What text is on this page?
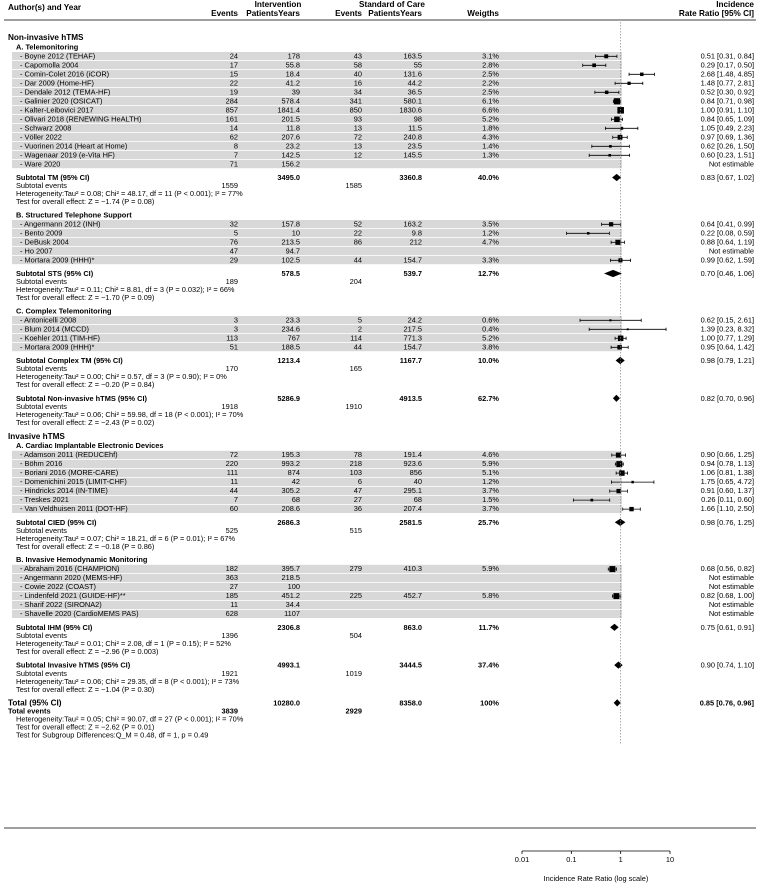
Author(s) and Year	Intervention	Standard of Care
Events PatientsYears	Events PatientsYears	Weigths
Incidence
Rate Ratio [95% CI]
Non-invasive hTMS
A. Telemonitoring
- Boyne 2012 (TEHAF)	24	178	43	163.5	3.1%	0.51 [0.31, 0.84]
- Capomolla 2004	17	55.8	58	55	2.8%	0.29 [0.17, 0.50]
- Comin-Colet 2016 (iCOR)	15	18.4	40	131.6	2.5%	2.68 [1.48, 4.85]
- Dar 2009 (Home-HF)	22	41.2	16	44.2	2.2%	1.48 [0.77, 2.81]
- Dendale 2012 (TEMA-HF)	19	39	34	36.5	2.5%	0.52 [0.30, 0.92]
- Galinier 2020 (OSICAT)	284	578.4	341	580.1	6.1%	0.84 [0.71, 0.98]
- Kalter-Leibovici 2017	857	1841.4	850	1830.6	6.6%	1.00 [0.91, 1.10]
- Olivari 2018 (RENEWING HeALTH)	161	201.5	93	98	5.2%	0.84 [0.65, 1.09]
- Schwarz 2008	14	11.8	13	11.5	1.8%	1.05 [0.49, 2.23]
- Völler 2022	62	207.6	72	240.8	4.3%	0.97 [0.69, 1.36]
- Vuorinen 2014 (Heart at Home)	8	23.2	13	23.5	1.4%	0.62 [0.26, 1.50]
- Wagenaar 2019 (e-Vita HF)	7	142.5	12	145.5	1.3%	0.60 [0.23, 1.51]
- Ware 2020	71	156.2	Not estimable
Subtotal TM (95% CI)	3495.0	3360.8	40.0%	0.83 [0.67, 1.02]
Subtotal events	1559	1585
Heterogeneity:Tau² = 0.08; Chi² = 48.17, df = 11 (P < 0.001); I² = 77%
Test for overall effect: Z = −1.74 (P = 0.08)
B. Structured Telephone Support
- Angermann 2012 (INH)	32	157.8	52	163.2	3.5%	0.64 [0.41, 0.99]
- Bento 2009	5	10	22	9.8	1.2%	0.22 [0.08, 0.59]
- DeBusk 2004	76	213.5	86	212	4.7%	0.88 [0.64, 1.19]
- Ho 2007	47	94.7	Not estimable
- Mortara 2009 (HHH)*	29	102.5	44	154.7	3.3%	0.99 [0.62, 1.59]
Subtotal STS (95% CI)	578.5	539.7	12.7%	0.70 [0.46, 1.06]
Subtotal events	189	204
Heterogeneity:Tau² = 0.11; Chi² = 8.81, df = 3 (P = 0.032); I² = 66%
Test for overall effect: Z = −1.70 (P = 0.09)
C. Complex Telemonitoring
- Antonicelli 2008	3	23.3	5	24.2	0.6%	0.62 [0.15, 2.61]
- Blum 2014 (MCCD)	3	234.6	2	217.5	0.4%	1.39 [0.23, 8.32]
- Koehler 2011 (TIM-HF)	113	767	114	771.3	5.2%	1.00 [0.77, 1.29]
- Mortara 2009 (HHH)*	51	188.5	44	154.7	3.8%	0.95 [0.64, 1.42]
Subtotal Complex TM (95% CI)	1213.4	1167.7	10.0%	0.98 [0.79, 1.21]
Subtotal events	170	165
Heterogeneity:Tau² = 0.00; Chi² = 0.57, df = 3 (P = 0.90); I² = 0%
Test for overall effect: Z = −0.20 (P = 0.84)
Subtotal Non-invasive hTMS (95% CI)	5286.9	4913.5	62.7%	0.82 [0.70, 0.96]
Subtotal events	1918	1910
Heterogeneity:Tau² = 0.06; Chi² = 59.98, df = 18 (P < 0.001); I² = 70%
Test for overall effect: Z = −2.43 (P = 0.02)
Invasive hTMS
A. Cardiac Implantable Electronic Devices
- Adamson 2011 (REDUCEhf)	72	195.3	78	191.4	4.6%	0.90 [0.66, 1.25]
- Böhm 2016	220	993.2	218	923.6	5.9%	0.94 [0.78, 1.13]
- Boriani 2016 (MORE-CARE)	111	874	103	856	5.1%	1.06 [0.81, 1.38]
- Domenichini 2015 (LIMIT-CHF)	11	42	6	40	1.2%	1.75 [0.65, 4.72]
- Hindricks 2014 (IN-TIME)	44	305.2	47	295.1	3.7%	0.91 [0.60, 1.37]
- Treskes 2021	7	68	27	68	1.5%	0.26 [0.11, 0.60]
- Van Veldhuisen 2011 (DOT-HF)	60	208.6	36	207.4	3.7%	1.66 [1.10, 2.50]
Subtotal CIED (95% CI)	2686.3	2581.5	25.7%	0.98 [0.76, 1.25]
Subtotal events	525	515
Heterogeneity:Tau² = 0.07; Chi² = 18.21, df = 6 (P = 0.01); I² = 67%
Test for overall effect: Z = −0.18 (P = 0.86)
B. Invasive Hemodynamic Monitoring
- Abraham 2016 (CHAMPION)	182	395.7	279	410.3	5.9%	0.68 [0.56, 0.82]
- Angermann 2020 (MEMS-HF)	363	218.5	Not estimable
- Cowie 2022 (COAST)	27	100	Not estimable
- Lindenfeld 2021 (GUIDE-HF)**	185	451.2	225	452.7	5.8%	0.82 [0.68, 1.00]
- Sharif 2022 (SIRONA2)	11	34.4	Not estimable
- Shavelle 2020 (CardioMEMS PAS)	628	1107	Not estimable
Subtotal IHM (95% CI)	2306.8	863.0	11.7%	0.75 [0.61, 0.91]
Subtotal events	1396	504
Heterogeneity:Tau² = 0.01; Chi² = 2.08, df = 1 (P = 0.15); I² = 52%
Test for overall effect: Z = −2.96 (P = 0.003)
Subtotal Invasive hTMS (95% CI)	4993.1	3444.5	37.4%	0.90 [0.74, 1.10]
Subtotal events	1921	1019
Heterogeneity:Tau² = 0.06; Chi² = 29.35, df = 8 (P < 0.001); I² = 73%
Test for overall effect: Z = −1.04 (P = 0.30)
Total (95% CI)	10280.0	8358.0	100%	0.85 [0.76, 0.96]
Total events	3839	2929
Heterogeneity:Tau² = 0.05; Chi² = 90.07, df = 27 (P < 0.001); I² = 70%
Test for overall effect: Z = −2.62 (P = 0.01)
Test for Subgroup Differences:Q_M = 0.48, df = 1, p = 0.49
0.01	0.1	1	10
Incidence Rate Ratio (log scale)
